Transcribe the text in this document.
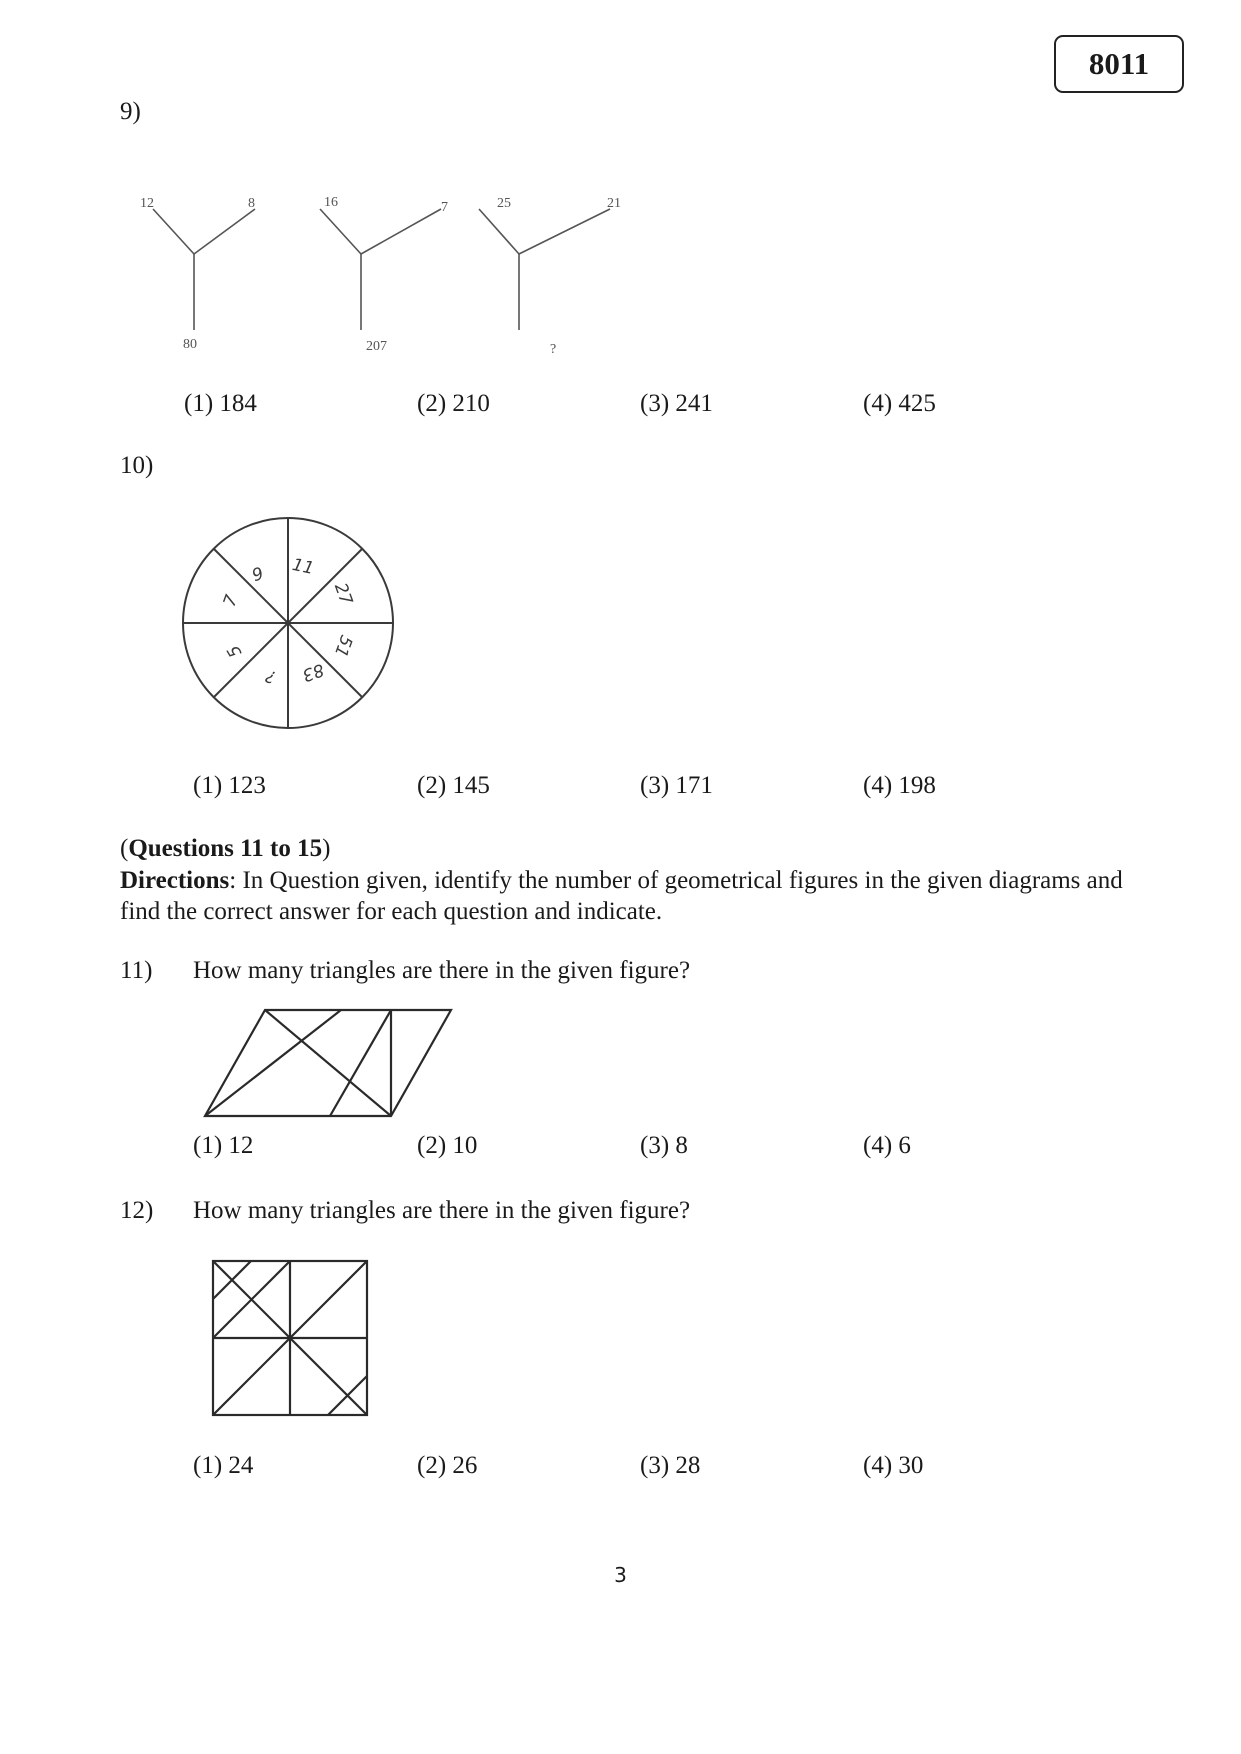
8011
9)
12	8
80
16	7
207
25	21
?
(1) 184	(2) 210	(3) 241	(4) 425
10)
11
27
51
83
?
5
7
9
(1) 123	(2) 145	(3) 171	(4) 198
(Questions 11 to 15)
Directions: In Question given, identify the number of geometrical figures in the given diagrams and find the correct answer for each question and indicate.
11) How many triangles are there in the given figure?
(1) 12	(2) 10	(3) 8	(4) 6
12) How many triangles are there in the given figure?
(1) 24	(2) 26	(3) 28	(4) 30
3
